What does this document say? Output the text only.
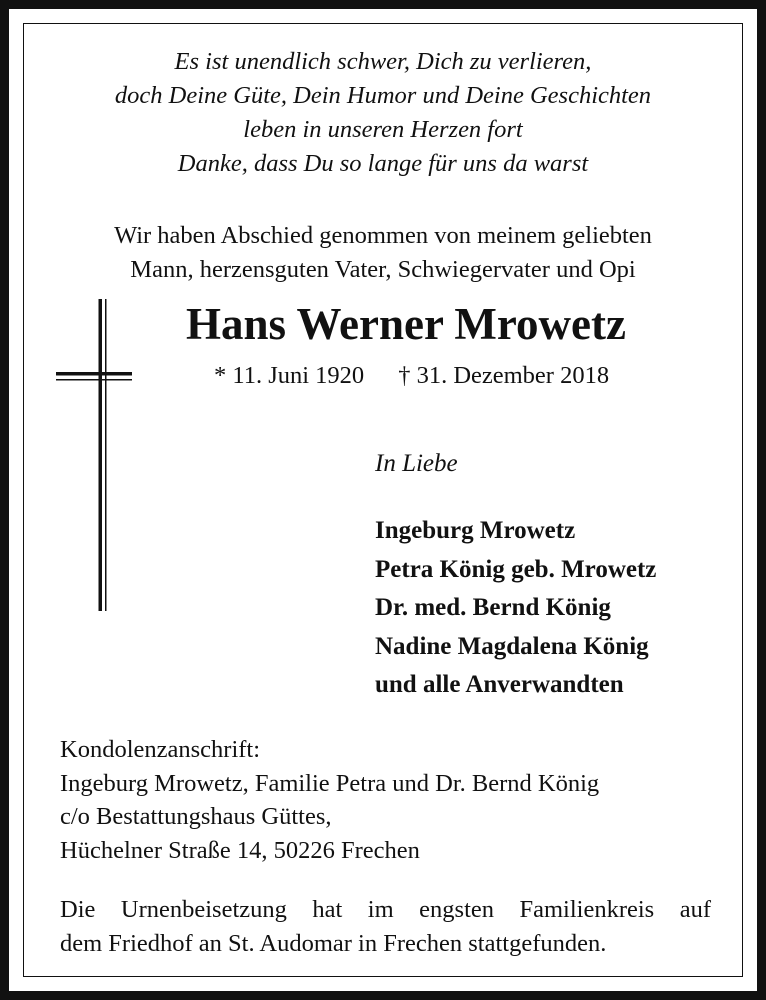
Es ist unendlich schwer, Dich zu verlieren,
doch Deine Güte, Dein Humor und Deine Geschichten
leben in unseren Herzen fort
Danke, dass Du so lange für uns da warst
Wir haben Abschied genommen von meinem geliebten
Mann, herzensguten Vater, Schwiegervater und Opi
Hans Werner Mrowetz
* 11. Juni 1920 † 31. Dezember 2018
In Liebe
Ingeburg Mrowetz
Petra König geb. Mrowetz
Dr. med. Bernd König
Nadine Magdalena König
und alle Anverwandten
Kondolenzanschrift:
Ingeburg Mrowetz, Familie Petra und Dr. Bernd König
c/o Bestattungshaus Güttes,
Hüchelner Straße 14, 50226 Frechen
Die Urnenbeisetzung hat im engsten Familienkreis auf
dem Friedhof an St. Audomar in Frechen stattgefunden.
